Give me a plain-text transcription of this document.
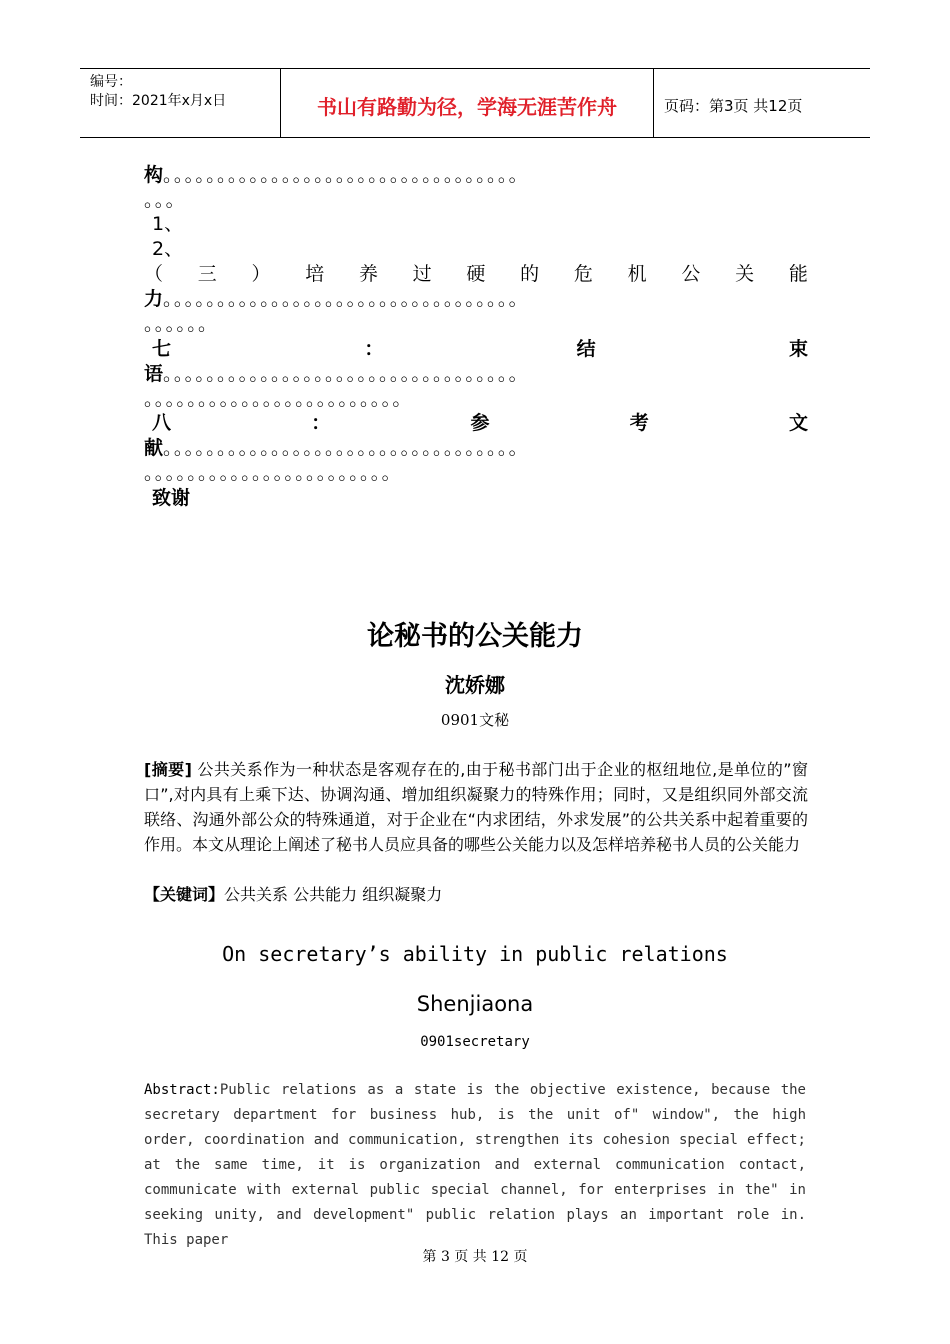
编号：
时间：2021年x月x日	书山有路勤为径，学海无涯苦作舟	页码：第3页 共12页
构。。。。。。。。。。。。。。。。。。。。。。。。。。。。。。。。。
。。。
1、
2、
（ 三 ） 培 养 过 硬 的 危 机 公 关 能
力。。。。。。。。。。。。。。。。。。。。。。。。。。。。。。。。。
。。。。。。
七	：	结	束
语。。。。。。。。。。。。。。。。。。。。。。。。。。。。。。。。。
。。。。。。。。。。。。。。。。。。。。。。。。
八	：	参	考	文
献。。。。。。。。。。。。。。。。。。。。。。。。。。。。。。。。。
。。。。。。。。。。。。。。。。。。。。。。。
致谢
论秘书的公关能力
沈娇娜
0901文秘
[摘要] 公共关系作为一种状态是客观存在的,由于秘书部门出于企业的枢纽地位,是单位的”窗口”,对内具有上乘下达、协调沟通、增加组织凝聚力的特殊作用；同时，又是组织同外部交流联络、沟通外部公众的特殊通道，对于企业在“内求团结，外求发展”的公共关系中起着重要的作用。本文从理论上阐述了秘书人员应具备的哪些公关能力以及怎样培养秘书人员的公关能力
【关键词】公共关系 公共能力 组织凝聚力
On secretary’s ability in public relations
Shenjiaona
0901secretary
Abstract:Public relations as a state is the objective existence, because the secretary department for business hub, is the unit of" window", the high order, coordination and communication, strengthen its cohesion special effect; at the same time, it is organization and external communication contact, communicate with external public special channel, for enterprises in the" in seeking unity, and development" public relation plays an important role in. This paper
第 3 页 共 12 页
